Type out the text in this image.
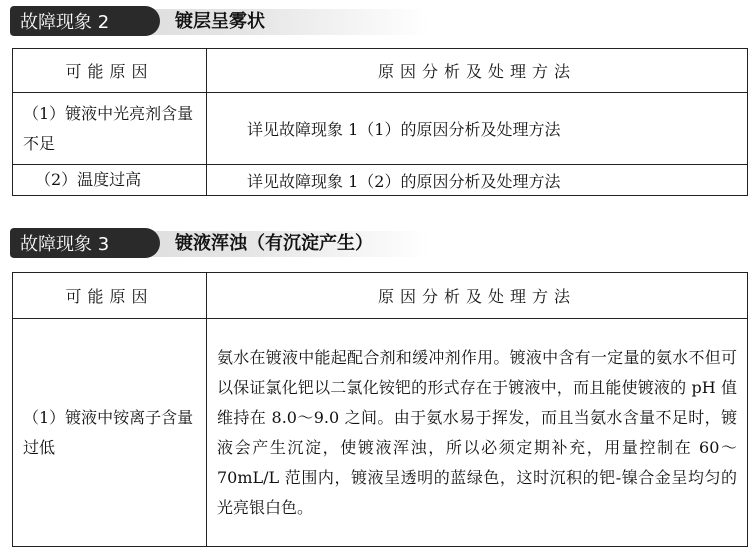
故障现象 2	镀层呈雾状
可能原因	原因分析及处理方法
（1）镀液中光亮剂含量不足	详见故障现象 1（1）的原因分析及处理方法
（2）温度过高	详见故障现象 1（2）的原因分析及处理方法
故障现象 3	镀液浑浊（有沉淀产生）
可能原因	原因分析及处理方法
（1）镀液中铵离子含量过低	氨水在镀液中能起配合剂和缓冲剂作用。镀液中含有一定量的氨水不但可以保证氯化钯以二氯化铵钯的形式存在于镀液中，而且能使镀液的 pH 值维持在 8.0～9.0 之间。由于氨水易于挥发，而且当氨水含量不足时，镀液会产生沉淀，使镀液浑浊，所以必须定期补充，用量控制在 60～70mL/L 范围内，镀液呈透明的蓝绿色，这时沉积的钯-镍合金呈均匀的光亮银白色。
